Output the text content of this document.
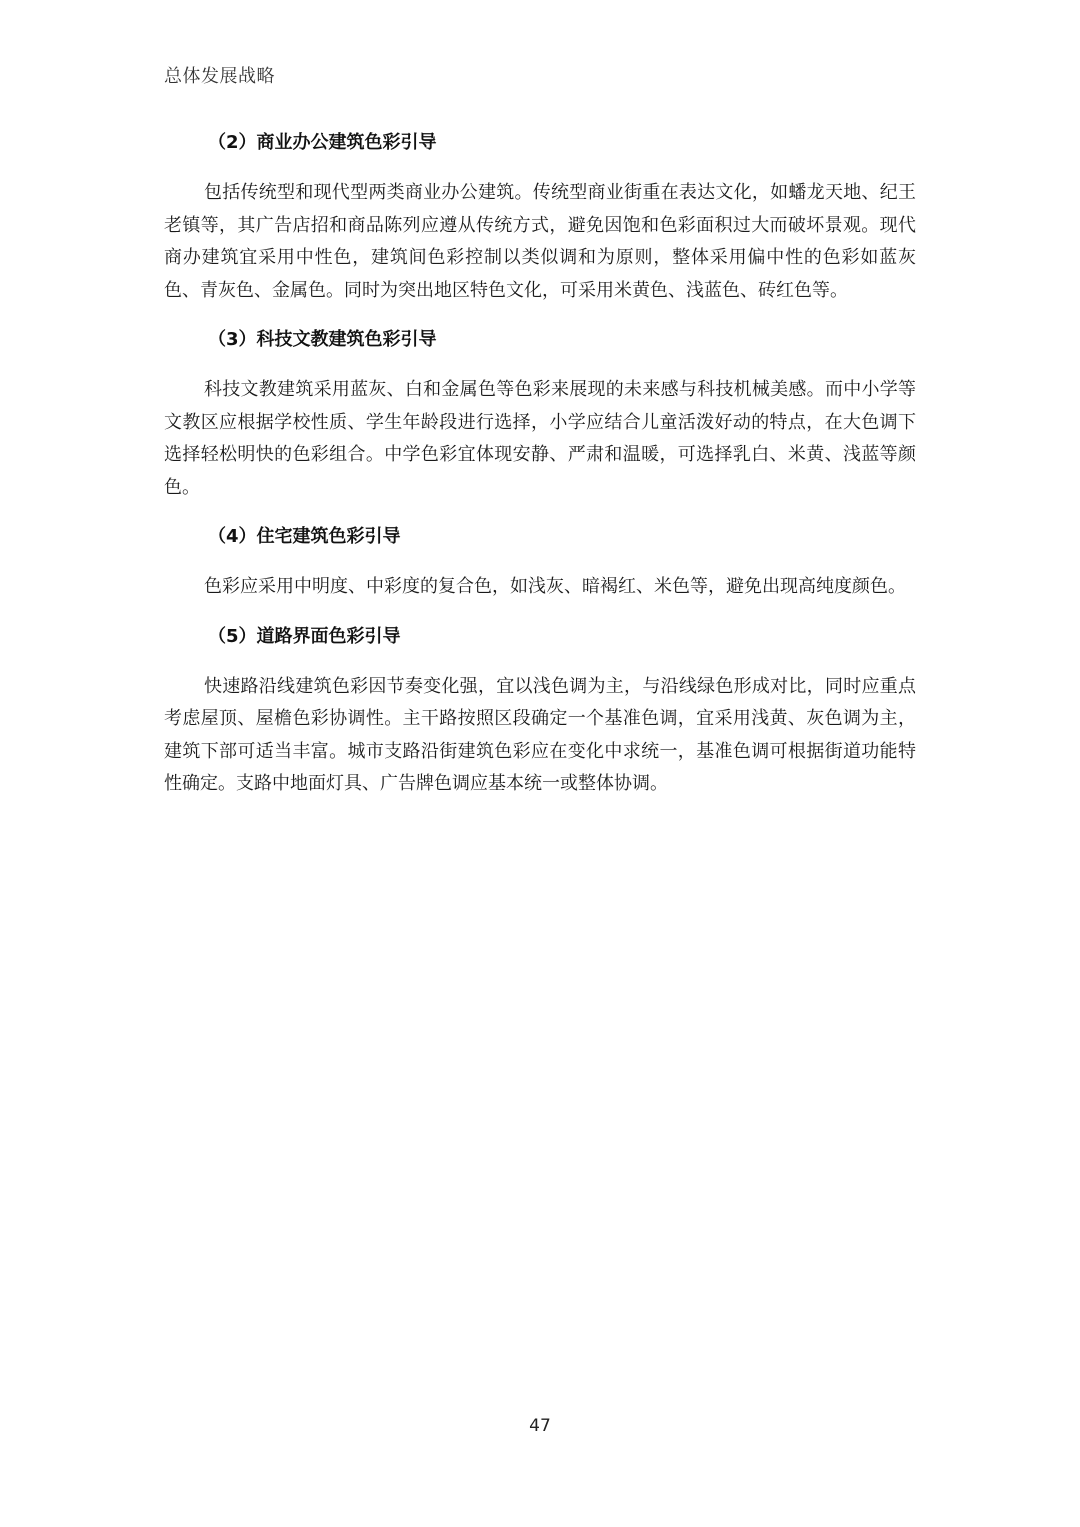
总体发展战略
（2）商业办公建筑色彩引导

包括传统型和现代型两类商业办公建筑。传统型商业街重在表达文化，如蟠龙天地、纪王老镇等，其广告店招和商品陈列应遵从传统方式，避免因饱和色彩面积过大而破坏景观。现代商办建筑宜采用中性色，建筑间色彩控制以类似调和为原则，整体采用偏中性的色彩如蓝灰色、青灰色、金属色。同时为突出地区特色文化，可采用米黄色、浅蓝色、砖红色等。

（3）科技文教建筑色彩引导

科技文教建筑采用蓝灰、白和金属色等色彩来展现的未来感与科技机械美感。而中小学等文教区应根据学校性质、学生年龄段进行选择，小学应结合儿童活泼好动的特点，在大色调下选择轻松明快的色彩组合。中学色彩宜体现安静、严肃和温暖，可选择乳白、米黄、浅蓝等颜色。

（4）住宅建筑色彩引导

色彩应采用中明度、中彩度的复合色，如浅灰、暗褐红、米色等，避免出现高纯度颜色。

（5）道路界面色彩引导

快速路沿线建筑色彩因节奏变化强，宜以浅色调为主，与沿线绿色形成对比，同时应重点考虑屋顶、屋檐色彩协调性。主干路按照区段确定一个基准色调，宜采用浅黄、灰色调为主，建筑下部可适当丰富。城市支路沿街建筑色彩应在变化中求统一，基准色调可根据街道功能特性确定。支路中地面灯具、广告牌色调应基本统一或整体协调。

47
